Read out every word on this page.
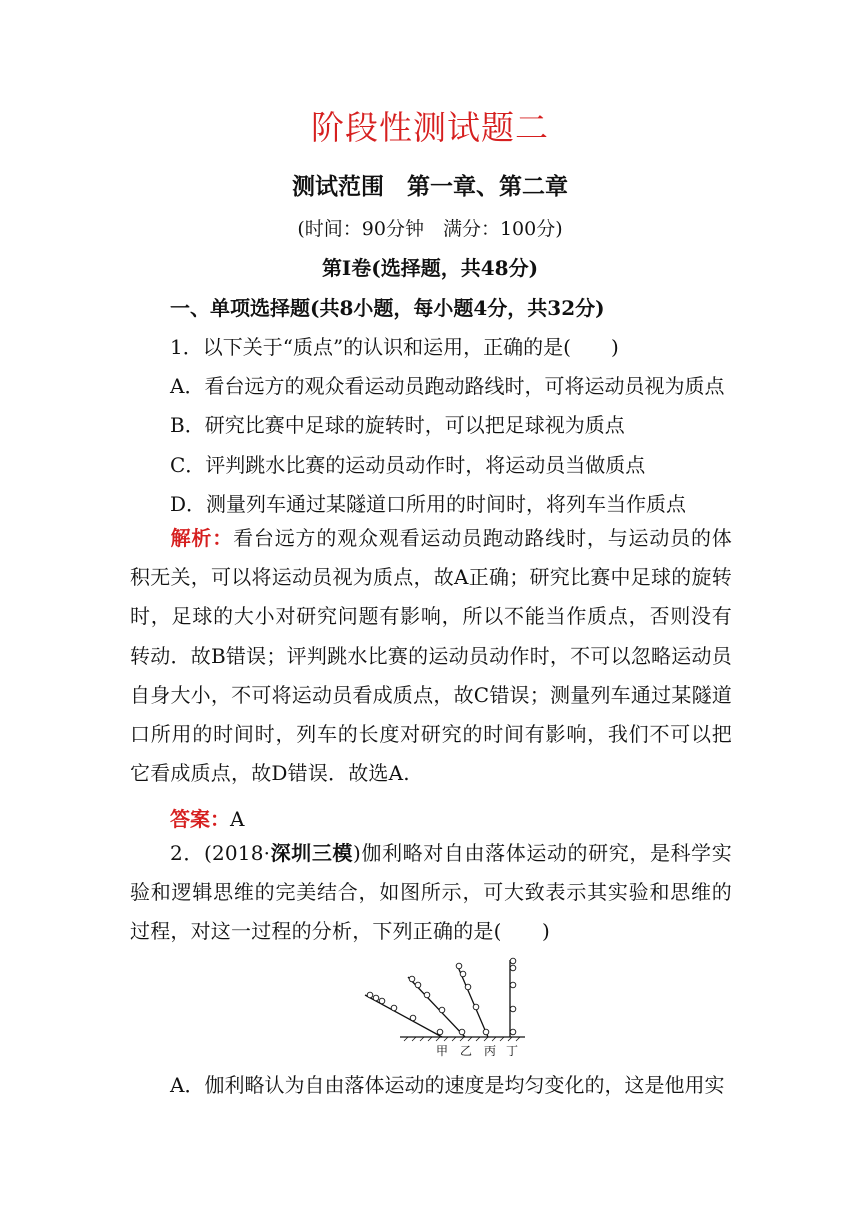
阶段性测试题二
测试范围　第一章、第二章
(时间：90分钟　满分：100分)
第Ⅰ卷(选择题，共48分)
一、单项选择题(共8小题，每小题4分，共32分)
1．以下关于“质点”的认识和运用，正确的是(　　)
A．看台远方的观众看运动员跑动路线时，可将运动员视为质点
B．研究比赛中足球的旋转时，可以把足球视为质点
C．评判跳水比赛的运动员动作时，将运动员当做质点
D．测量列车通过某隧道口所用的时间时，将列车当作质点
解析：看台远方的观众观看运动员跑动路线时，与运动员的体积无关，可以将运动员视为质点，故A正确；研究比赛中足球的旋转时，足球的大小对研究问题有影响，所以不能当作质点，否则没有转动．故B错误；评判跳水比赛的运动员动作时，不可以忽略运动员自身大小，不可将运动员看成质点，故C错误；测量列车通过某隧道口所用的时间时，列车的长度对研究的时间有影响，我们不可以把它看成质点，故D错误．故选A.
答案：A
2．(2018·深圳三模)伽利略对自由落体运动的研究，是科学实验和逻辑思维的完美结合，如图所示，可大致表示其实验和思维的过程，对这一过程的分析，下列正确的是(　　)
甲 乙 丙 丁
A．伽利略认为自由落体运动的速度是均匀变化的，这是他用实
